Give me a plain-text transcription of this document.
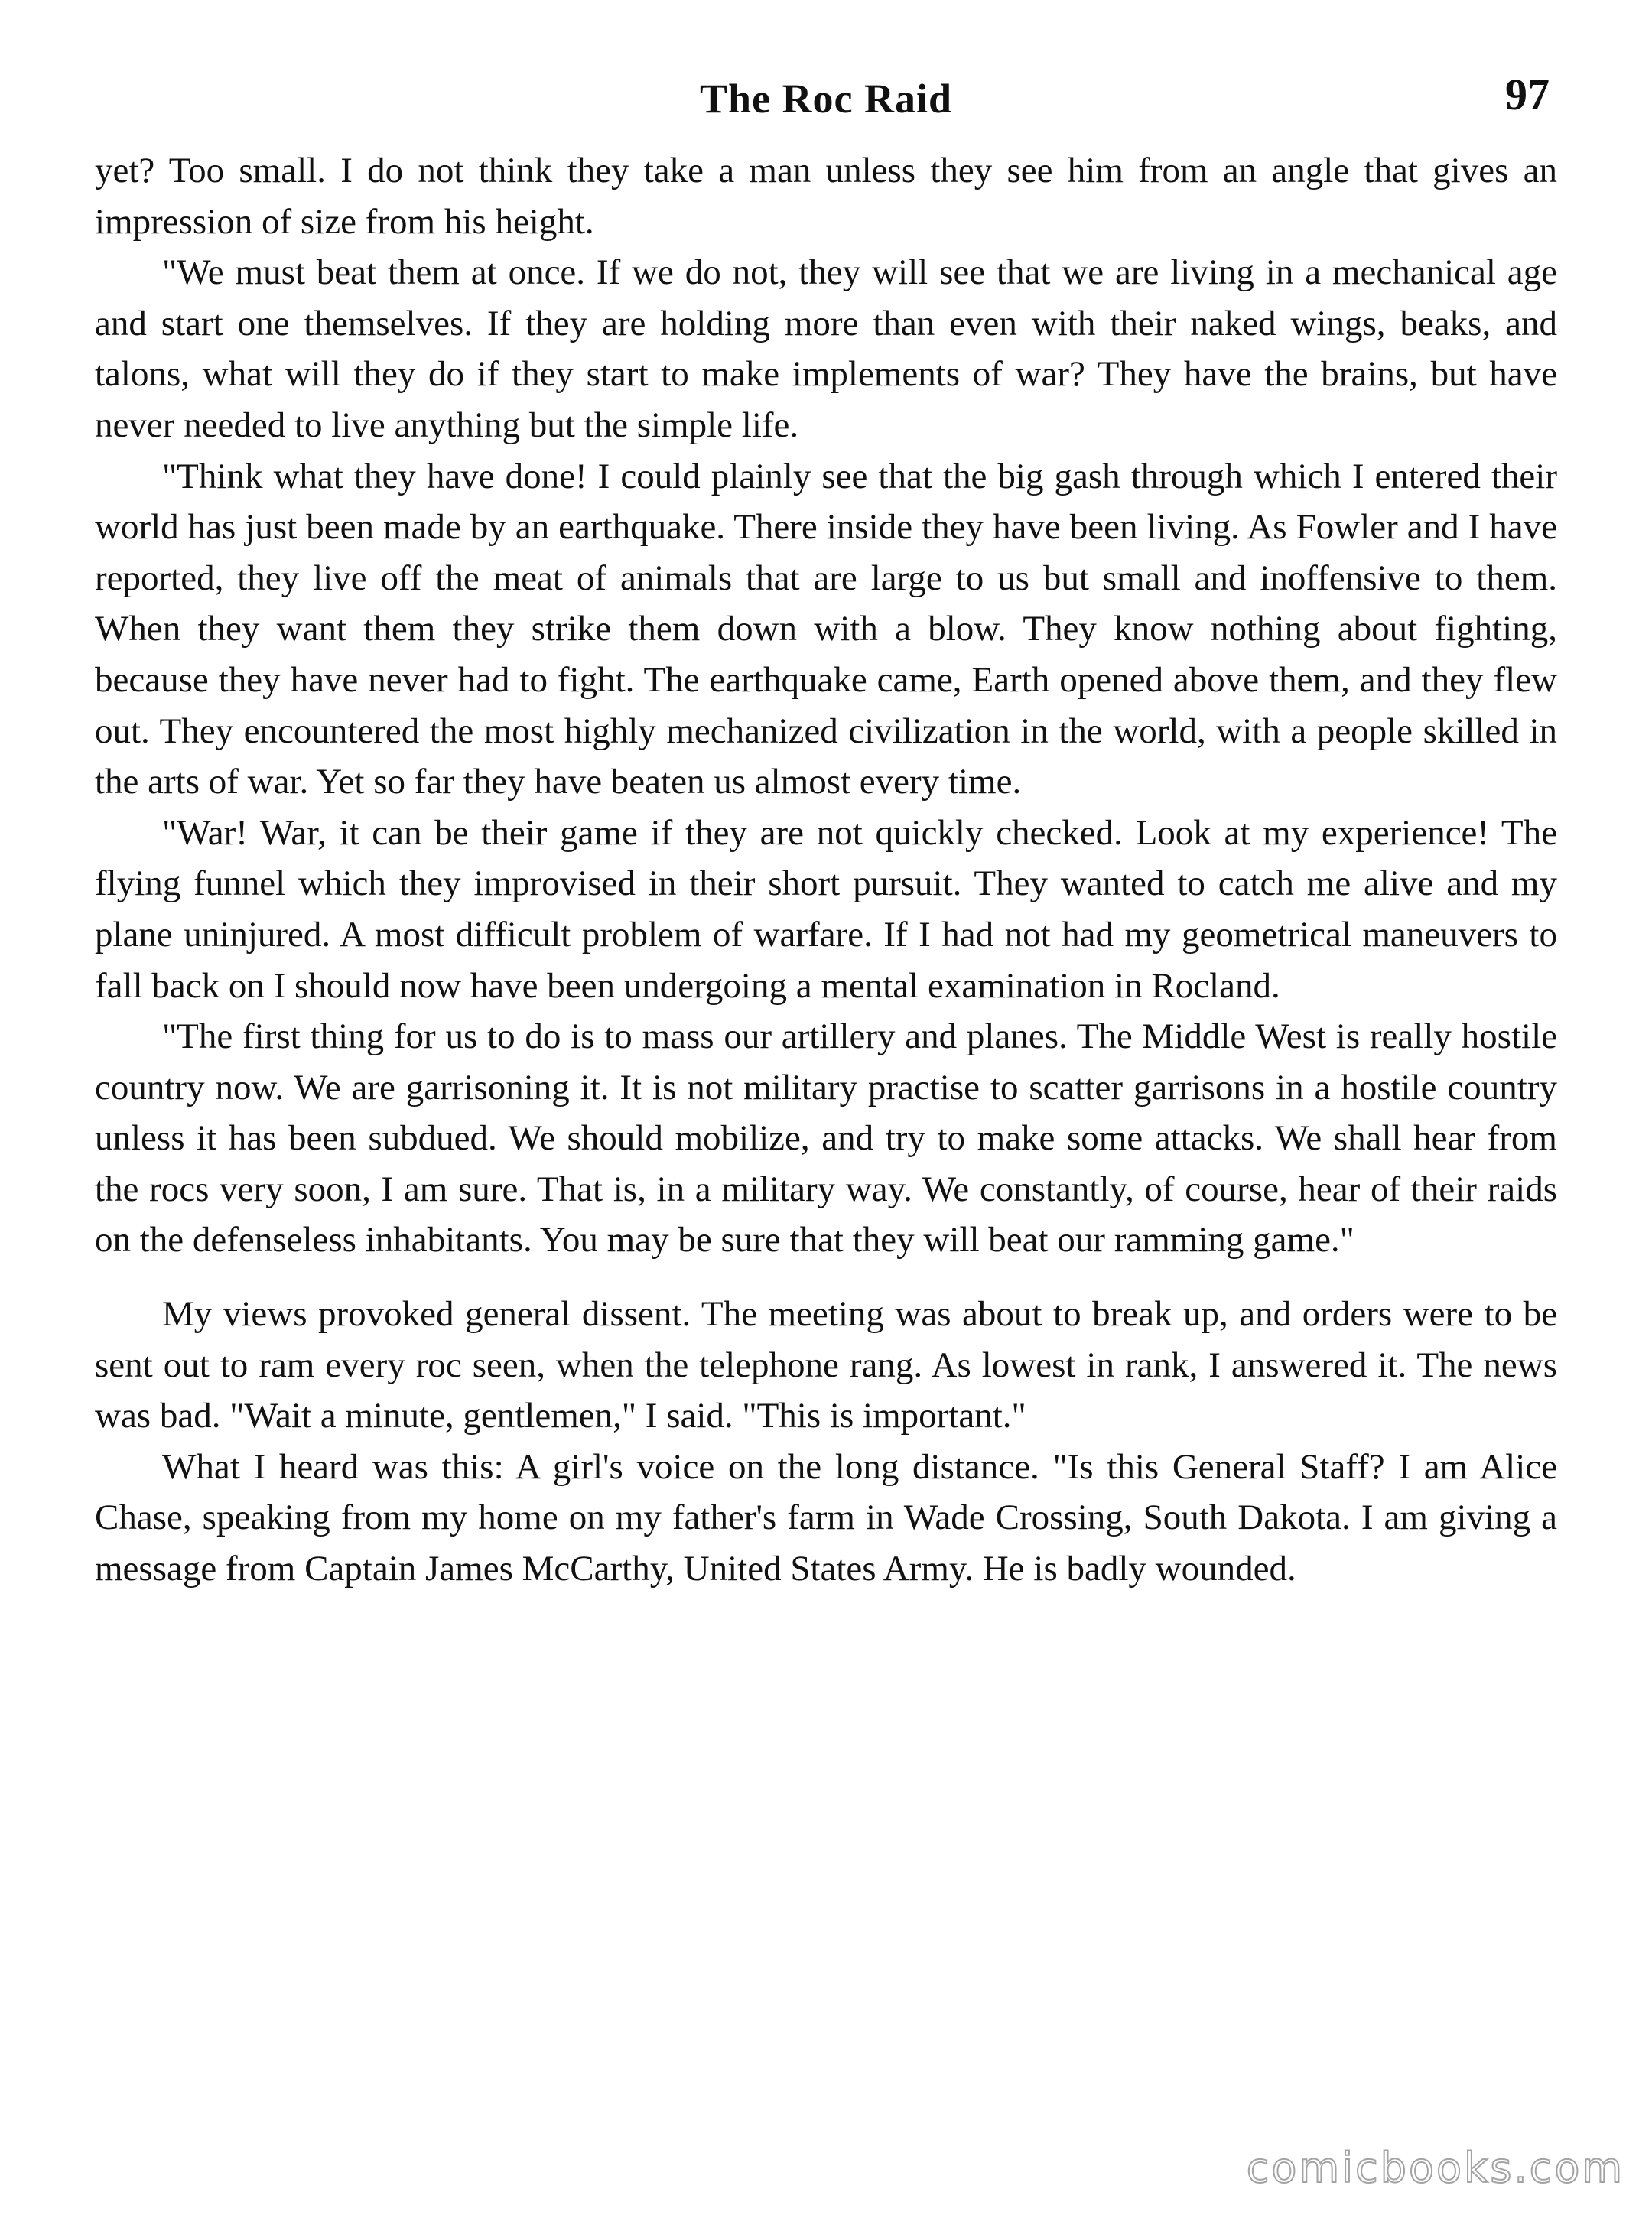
The Roc Raid	97

yet? Too small. I do not think they take a man unless they see him from an angle that gives an impression of size from his height.

"We must beat them at once. If we do not, they will see that we are living in a mechanical age and start one themselves. If they are holding more than even with their naked wings, beaks, and talons, what will they do if they start to make implements of war? They have the brains, but have never needed to live anything but the simple life.

"Think what they have done! I could plainly see that the big gash through which I entered their world has just been made by an earthquake. There inside they have been living. As Fowler and I have reported, they live off the meat of animals that are large to us but small and inoffensive to them. When they want them they strike them down with a blow. They know nothing about fighting, because they have never had to fight. The earthquake came, Earth opened above them, and they flew out. They encountered the most highly mechanized civilization in the world, with a people skilled in the arts of war. Yet so far they have beaten us almost every time.

"War! War, it can be their game if they are not quickly checked. Look at my experience! The flying funnel which they improvised in their short pursuit. They wanted to catch me alive and my plane uninjured. A most difficult problem of warfare. If I had not had my geometrical maneuvers to fall back on I should now have been undergoing a mental examination in Rocland.

"The first thing for us to do is to mass our artillery and planes. The Middle West is really hostile country now. We are garrisoning it. It is not military practise to scatter garrisons in a hostile country unless it has been subdued. We should mobilize, and try to make some attacks. We shall hear from the rocs very soon, I am sure. That is, in a military way. We constantly, of course, hear of their raids on the defenseless inhabitants. You may be sure that they will beat our ramming game."

My views provoked general dissent. The meeting was about to break up, and orders were to be sent out to ram every roc seen, when the telephone rang. As lowest in rank, I answered it. The news was bad. "Wait a minute, gentlemen," I said. "This is important."

What I heard was this: A girl's voice on the long distance. "Is this General Staff? I am Alice Chase, speaking from my home on my father's farm in Wade Crossing, South Dakota. I am giving a message from Captain James McCarthy, United States Army. He is badly wounded.

comicbooks.com
